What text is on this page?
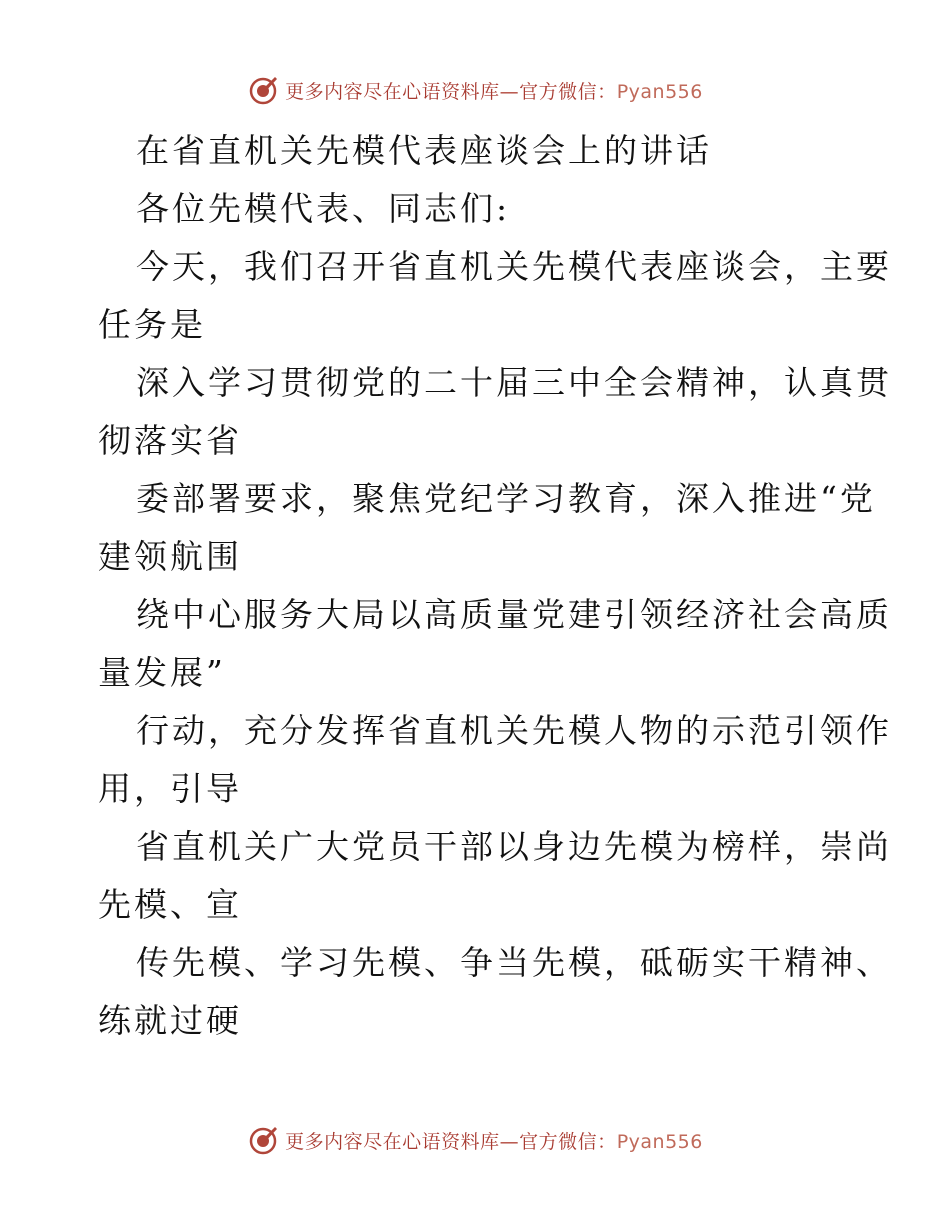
更多内容尽在心语资料库—官方微信：Pyan556
在省直机关先模代表座谈会上的讲话
各位先模代表、同志们:
今天，我们召开省直机关先模代表座谈会，主要
任务是
深入学习贯彻党的二十届三中全会精神，认真贯
彻落实省
委部署要求，聚焦党纪学习教育，深入推进“党
建领航围
绕中心服务大局以高质量党建引领经济社会高质
量发展”
行动，充分发挥省直机关先模人物的示范引领作
用，引导
省直机关广大党员干部以身边先模为榜样，崇尚
先模、宣
传先模、学习先模、争当先模，砥砺实干精神、
练就过硬
更多内容尽在心语资料库—官方微信：Pyan556
